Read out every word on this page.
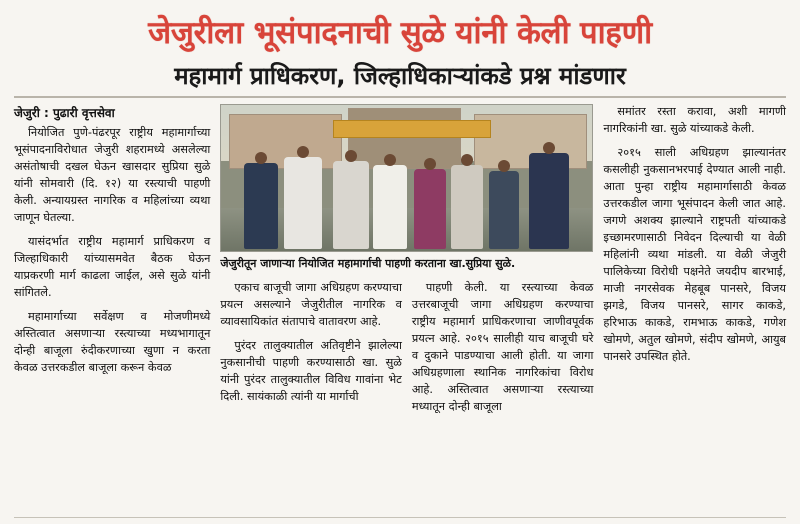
जेजुरीला भूसंपादनाची सुळे यांनी केली पाहणी
महामार्ग प्राधिकरण, जिल्हाधिकाऱ्यांकडे प्रश्न मांडणार
जेजुरी : पुढारी वृत्तसेवा

नियोजित पुणे-पंढरपूर राष्ट्रीय महामार्गाच्या भूसंपादनाविरोधात जेजुरी शहरामध्ये असलेल्या असंतोषाची दखल घेऊन खासदार सुप्रिया सुळे यांनी सोमवारी (दि. १२) या रस्त्याची पाहणी केली. अन्यायग्रस्त नागरिक व महिलांच्या व्यथा जाणून घेतल्या.

यासंदर्भात राष्ट्रीय महामार्ग प्राधिकरण व जिल्हाधिकारी यांच्यासमवेत बैठक घेऊन या‌प्रकरणी मार्ग काढला जाईल, असे सुळे यांनी सांगितले.

महामार्गाच्या सर्वेक्षण व मोजणीमध्ये अस्तित्वात असणाऱ्या रस्त्याच्या मध्यभागातून दोन्ही बाजूला रुंदीकरणाच्या खुणा न करता केवळ उत्तरकडील बाजूला करून केवळ

जेजुरीतून जाणाऱ्या नियोजित महामार्गाची पाहणी करताना खा.सुप्रिया सुळे.

एकाच बाजूची जागा अधिग्रहण करण्याचा प्रयत्न असल्याने जेजुरीतील नागरिक व व्यावसायिकांत संतापाचे वातावरण आहे.

पुरंदर तालुक्यातील अतिवृष्टीने झालेल्या नुकसानीची पाहणी करण्यासाठी खा. सुळे यांनी पुरंदर तालुक्यातील विविध गावांना भेट दिली. सायंकाळी त्यांनी या मार्गाची

पाहणी केली. या रस्त्याच्या केवळ उत्तरबाजूची जागा अधिग्रहण करण्याचा राष्ट्रीय महामार्ग प्राधिकरणाचा जाणीवपूर्वक प्रयत्न आहे. २०१५ सालीही याच बाजूची घरे व दुकाने पाडण्याचा आली होती. या जागा अधिग्रहणाला स्थानिक नागरिकांचा विरोध आहे. अस्तित्वात असणाऱ्या रस्त्याच्या मध्यातून दोन्ही बाजूला

समांतर रस्ता करावा, अशी मागणी नागरिकांनी खा. सुळे यांच्याकडे केली.

२०१५ साली अधिग्रहण झाल्यानंतर कसलीही नुकसानभरपाई देण्यात आली नाही. आता पुन्हा राष्ट्रीय महामार्गासाठी केवळ उत्तरकडील जागा भूसंपादन केली जात आहे. जगणे अशक्य झाल्याने राष्ट्रपती यांच्याकडे इच्छामरणासाठी निवेदन दिल्याची या वेळी महिलांनी व्यथा मांडली. या वेळी जेजुरी पालिकेच्या विरोधी पक्षनेते जयदीप बारभाई, माजी नगरसेवक मेहबूब पानसरे, विजय झगडे, विजय पानसरे, सागर काकडे, हरिभाऊ काकडे, रामभाऊ काकडे, गणेश खोमणे, अतुल खोमणे, संदीप खोमणे, आयुब पानसरे उपस्थित होते.
